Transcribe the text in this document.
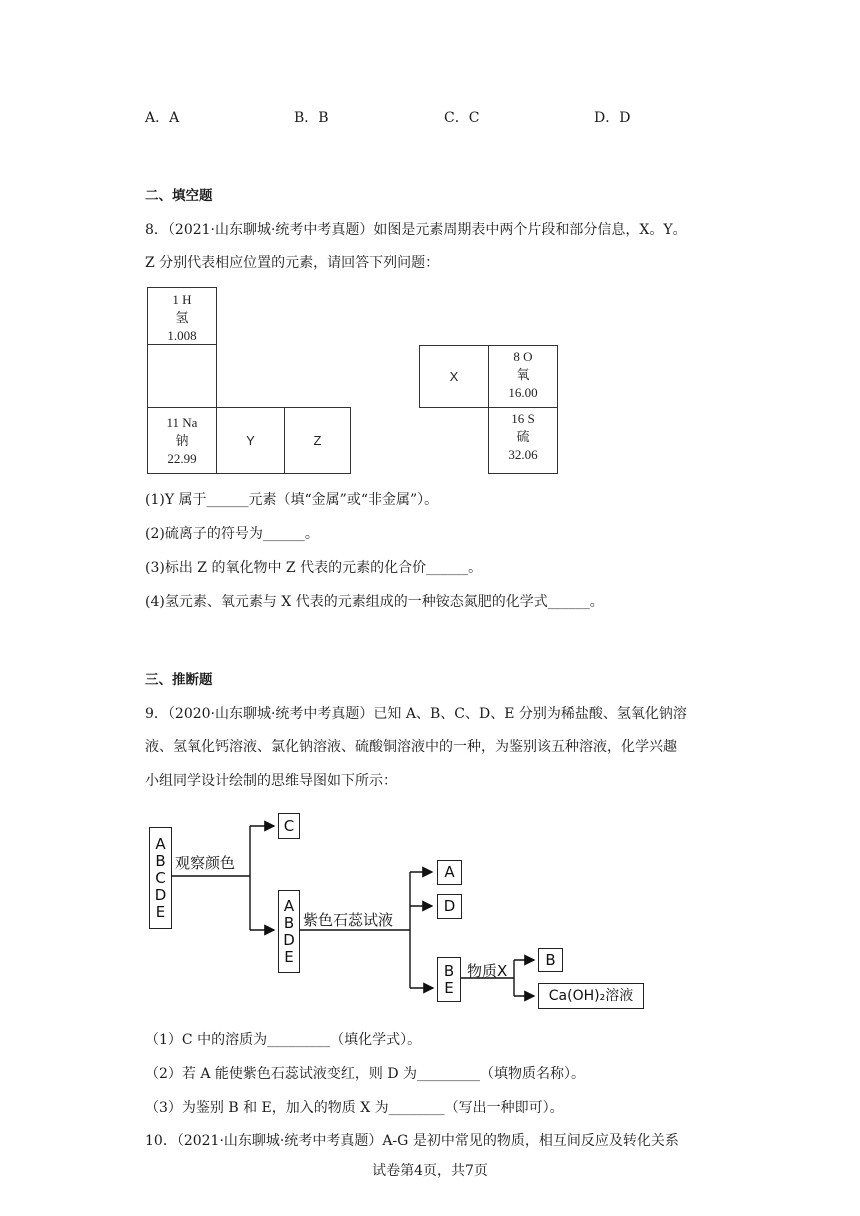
A．A	B．B	C．C	D．D
二、填空题
8．（2021·山东聊城·统考中考真题）如图是元素周期表中两个片段和部分信息，X。Y。
Z 分别代表相应位置的元素，请回答下列问题：
1 H
氢
1.008
11 Na
钠
22.99
Y	Z
X
8 O
氧
16.00
16 S
硫
32.06
(1)Y 属于______元素（填“金属”或“非金属”）。
(2)硫离子的符号为______。
(3)标出 Z 的氧化物中 Z 代表的元素的化合价______。
(4)氢元素、氧元素与 X 代表的元素组成的一种铵态氮肥的化学式______。
三、推断题
9．（2020·山东聊城·统考中考真题）已知 A、B、C、D、E 分别为稀盐酸、氢氧化钠溶
液、氢氧化钙溶液、氯化钠溶液、硫酸铜溶液中的一种，为鉴别该五种溶液，化学兴趣
小组同学设计绘制的思维导图如下所示：
A
B
C
D
E
观察颜色
C
A
B
D
E
紫色石蕊试液
A
D
B
E
物质X
B
Ca(OH)₂溶液
（1）C 中的溶质为_________（填化学式）。
（2）若 A 能使紫色石蕊试液变红，则 D 为_________（填物质名称）。
（3）为鉴别 B 和 E，加入的物质 X 为________（写出一种即可）。
10．（2021·山东聊城·统考中考真题）A-G 是初中常见的物质，相互间反应及转化关系
试卷第4页，共7页
